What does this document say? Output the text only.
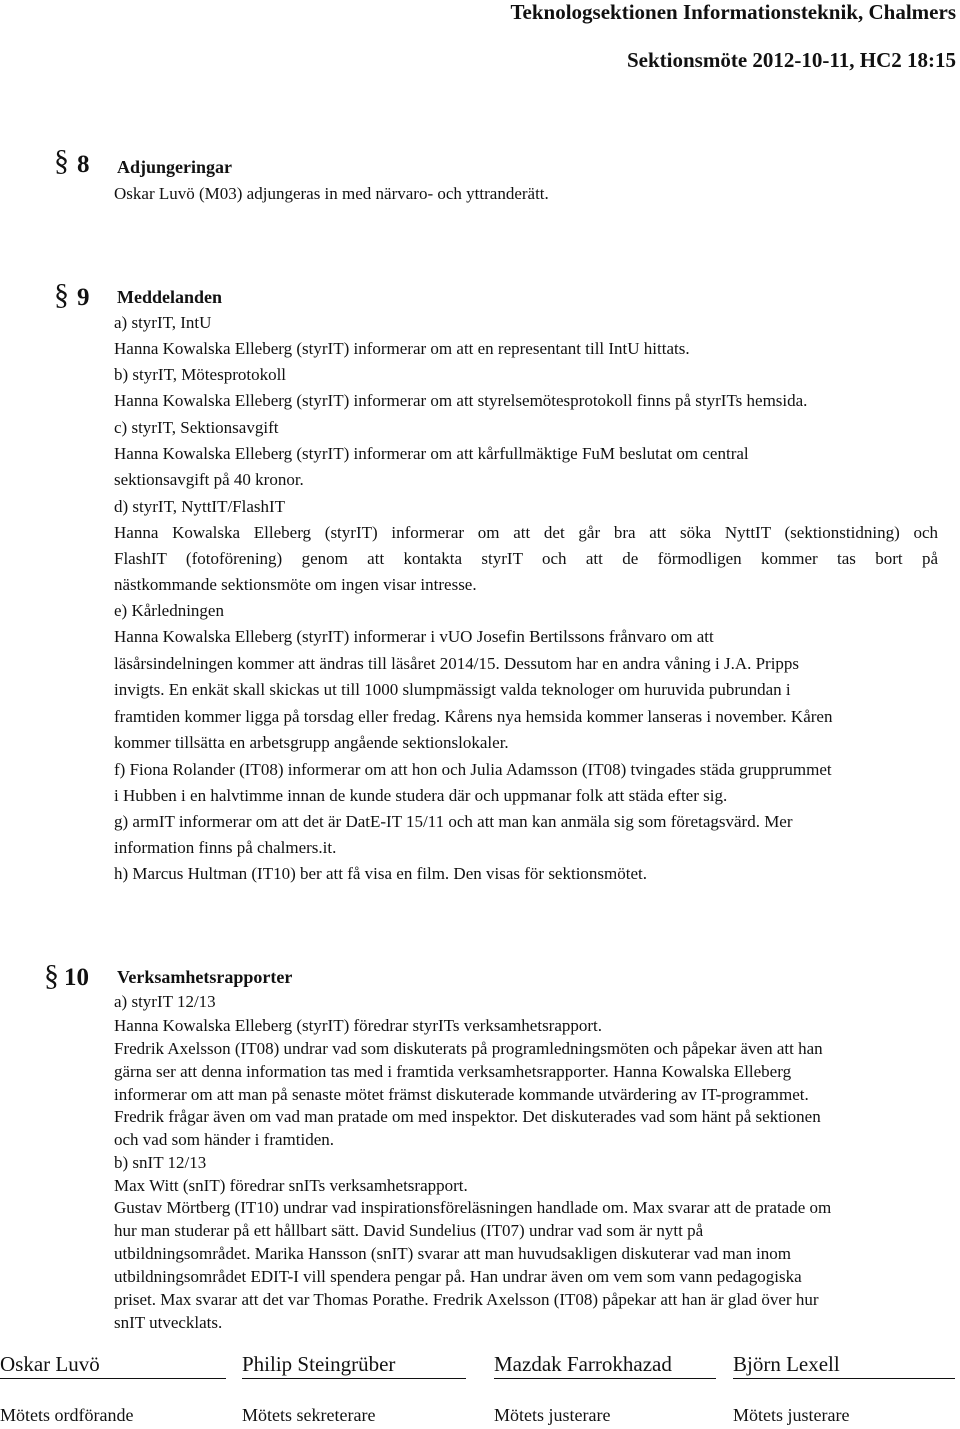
Teknologsektionen Informationsteknik, Chalmers
Sektionsmöte 2012-10-11, HC2 18:15
§ 8 Adjungeringar
Oskar Luvö (M03) adjungeras in med närvaro- och yttranderätt.
§ 9 Meddelanden
a) styrIT, IntU
Hanna Kowalska Elleberg (styrIT) informerar om att en representant till IntU hittats.
b) styrIT, Mötesprotokoll
Hanna Kowalska Elleberg (styrIT) informerar om att styrelsemötesprotokoll finns på styrITs hemsida.
c) styrIT, Sektionsavgift
Hanna Kowalska Elleberg (styrIT) informerar om att kårfullmäktige FuM beslutat om central
sektionsavgift på 40 kronor.
d) styrIT, NyttIT/FlashIT
Hanna Kowalska Elleberg (styrIT) informerar om att det går bra att söka NyttIT (sektionstidning) och
FlashIT (fotoförening) genom att kontakta styrIT och att de förmodligen kommer tas bort på
nästkommande sektionsmöte om ingen visar intresse.
e) Kårledningen
Hanna Kowalska Elleberg (styrIT) informerar i vUO Josefin Bertilssons frånvaro om att
läsårsindelningen kommer att ändras till läsåret 2014/15. Dessutom har en andra våning i J.A. Pripps
invigts. En enkät skall skickas ut till 1000 slumpmässigt valda teknologer om huruvida pubrundan i
framtiden kommer ligga på torsdag eller fredag. Kårens nya hemsida kommer lanseras i november. Kåren
kommer tillsätta en arbetsgrupp angående sektionslokaler.
f) Fiona Rolander (IT08) informerar om att hon och Julia Adamsson (IT08) tvingades städa grupprummet
i Hubben i en halvtimme innan de kunde studera där och uppmanar folk att städa efter sig.
g) armIT informerar om att det är DatE-IT 15/11 och att man kan anmäla sig som företagsvärd. Mer
information finns på chalmers.it.
h) Marcus Hultman (IT10) ber att få visa en film. Den visas för sektionsmötet.
§ 10 Verksamhetsrapporter
a) styrIT 12/13
Hanna Kowalska Elleberg (styrIT) föredrar styrITs verksamhetsrapport.
Fredrik Axelsson (IT08) undrar vad som diskuterats på programledningsmöten och påpekar även att han
gärna ser att denna information tas med i framtida verksamhetsrapporter. Hanna Kowalska Elleberg
informerar om att man på senaste mötet främst diskuterade kommande utvärdering av IT-programmet.
Fredrik frågar även om vad man pratade om med inspektor. Det diskuterades vad som hänt på sektionen
och vad som händer i framtiden.
b) snIT 12/13
Max Witt (snIT) föredrar snITs verksamhetsrapport.
Gustav Mörtberg (IT10) undrar vad inspirationsföreläsningen handlade om. Max svarar att de pratade om
hur man studerar på ett hållbart sätt. David Sundelius (IT07) undrar vad som är nytt på
utbildningsområdet. Marika Hansson (snIT) svarar att man huvudsakligen diskuterar vad man inom
utbildningsområdet EDIT-I vill spendera pengar på. Han undrar även om vem som vann pedagogiska
priset. Max svarar att det var Thomas Porathe. Fredrik Axelsson (IT08) påpekar att han är glad över hur
snIT utvecklats.
Oskar Luvö
Mötets ordförande
Philip Steingrüber
Mötets sekreterare
Mazdak Farrokhazad
Mötets justerare
Björn Lexell
Mötets justerare
